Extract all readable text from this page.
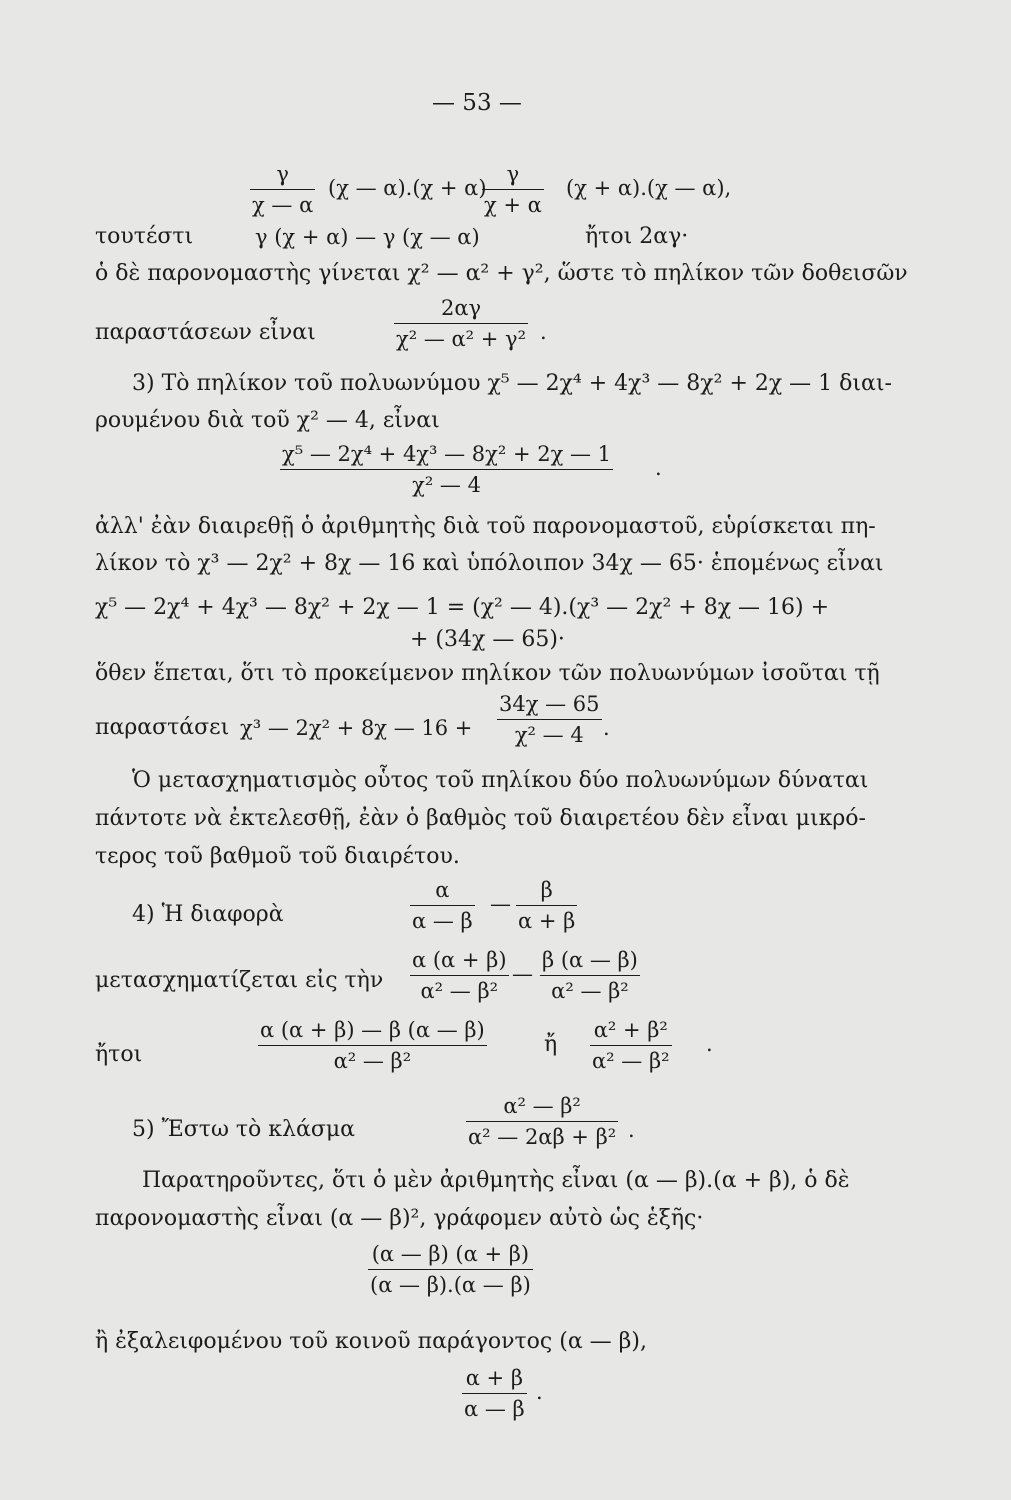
— 53 —
$\frac{\gamma}{\chi — \alpha} (\chi$ — α).(χ + α)
$\frac{\gamma}{\chi + \alpha} (\chi + \alpha).(\chi$ — α),
τουτέστι	γ (χ + α) — γ (χ — α)	ἤτοι 2αγ·
ὁ δὲ παρονομαστὴς γίνεται χ² — α² + γ², ὥστε τὸ πηλίκον τῶν δοθεισῶν
παραστάσεων εἶναι	$\frac{2\alpha\gamma}{\text{χ² — α² + γ²}}$ .
3) Τὸ πηλίκον τοῦ πολυωνύμου χ⁵ — 2χ⁴ + 4χ³ — 8χ² + 2χ — 1 διαι-
ρουμένου διὰ τοῦ χ² — 4, εἶναι
$\frac{\text{χ⁵ — 2χ⁴ + 4χ³ — 8χ² + 2χ — 1}}{\text{χ² — 4}}$ .
ἀλλ' ἐὰν διαιρεθῇ ὁ ἀριθμητὴς διὰ τοῦ παρονομαστοῦ, εὑρίσκεται πη-
λίκον τὸ χ³ — 2χ² + 8χ — 16 καὶ ὑπόλοιπον 34χ — 65· ἑπομένως εἶναι
χ⁵ — 2χ⁴ + 4χ³ — 8χ² + 2χ — 1 = (χ² — 4).(χ³ — 2χ² + 8χ — 16) +
+ (34χ — 65)·
ὅθεν ἕπεται, ὅτι τὸ προκείμενον πηλίκον τῶν πολυωνύμων ἰσοῦται τῇ
παραστάσει χ³ — 2χ² + 8χ — $16 + \frac{34\chi — 65}{\text{χ² — 4}}$ .
Ὁ μετασχηματισμὸς οὗτος τοῦ πηλίκου δύο πολυωνύμων δύναται
πάντοτε νὰ ἐκτελεσθῇ, ἐὰν ὁ βαθμὸς τοῦ διαιρετέου δὲν εἶναι μικρό-
τερος τοῦ βαθμοῦ τοῦ διαιρέτου.
4) Ἡ διαφορὰ	$\frac{\alpha}{\alpha — \beta}$ — $\frac{\beta}{\alpha + \beta}$
μετασχηματίζεται εἰς τὴν $\frac{\alpha (\alpha + \beta)}{\text{α² — β²}}$ — $\frac{\beta (\alpha — \beta)}{\text{α² — β²}}$
ἤτοι	$\frac{\alpha (\alpha + \beta) — \beta (\alpha — \beta)}{\text{α² — β²}}$	ἤ $\frac{\text{α² + β²}}{\text{α² — β²}}$ .
5) Ἔστω τὸ κλάσμα	$\frac{\text{α² — β²}}{\text{α² — 2αβ + β²}}$ .
Παρατηροῦντες, ὅτι ὁ μὲν ἀριθμητὴς εἶναι (α — β).(α + β), ὁ δὲ
παρονομαστὴς εἶναι (α — β)², γράφομεν αὐτὸ ὡς ἑξῆς·
$\frac{(\alpha — \beta) (\alpha + \beta)}{(\alpha — \beta).(\alpha — \beta)}$
ἢ ἐξαλειφομένου τοῦ κοινοῦ παράγοντος (α — β),
$\frac{\alpha + \beta}{\alpha — \beta}$ .
